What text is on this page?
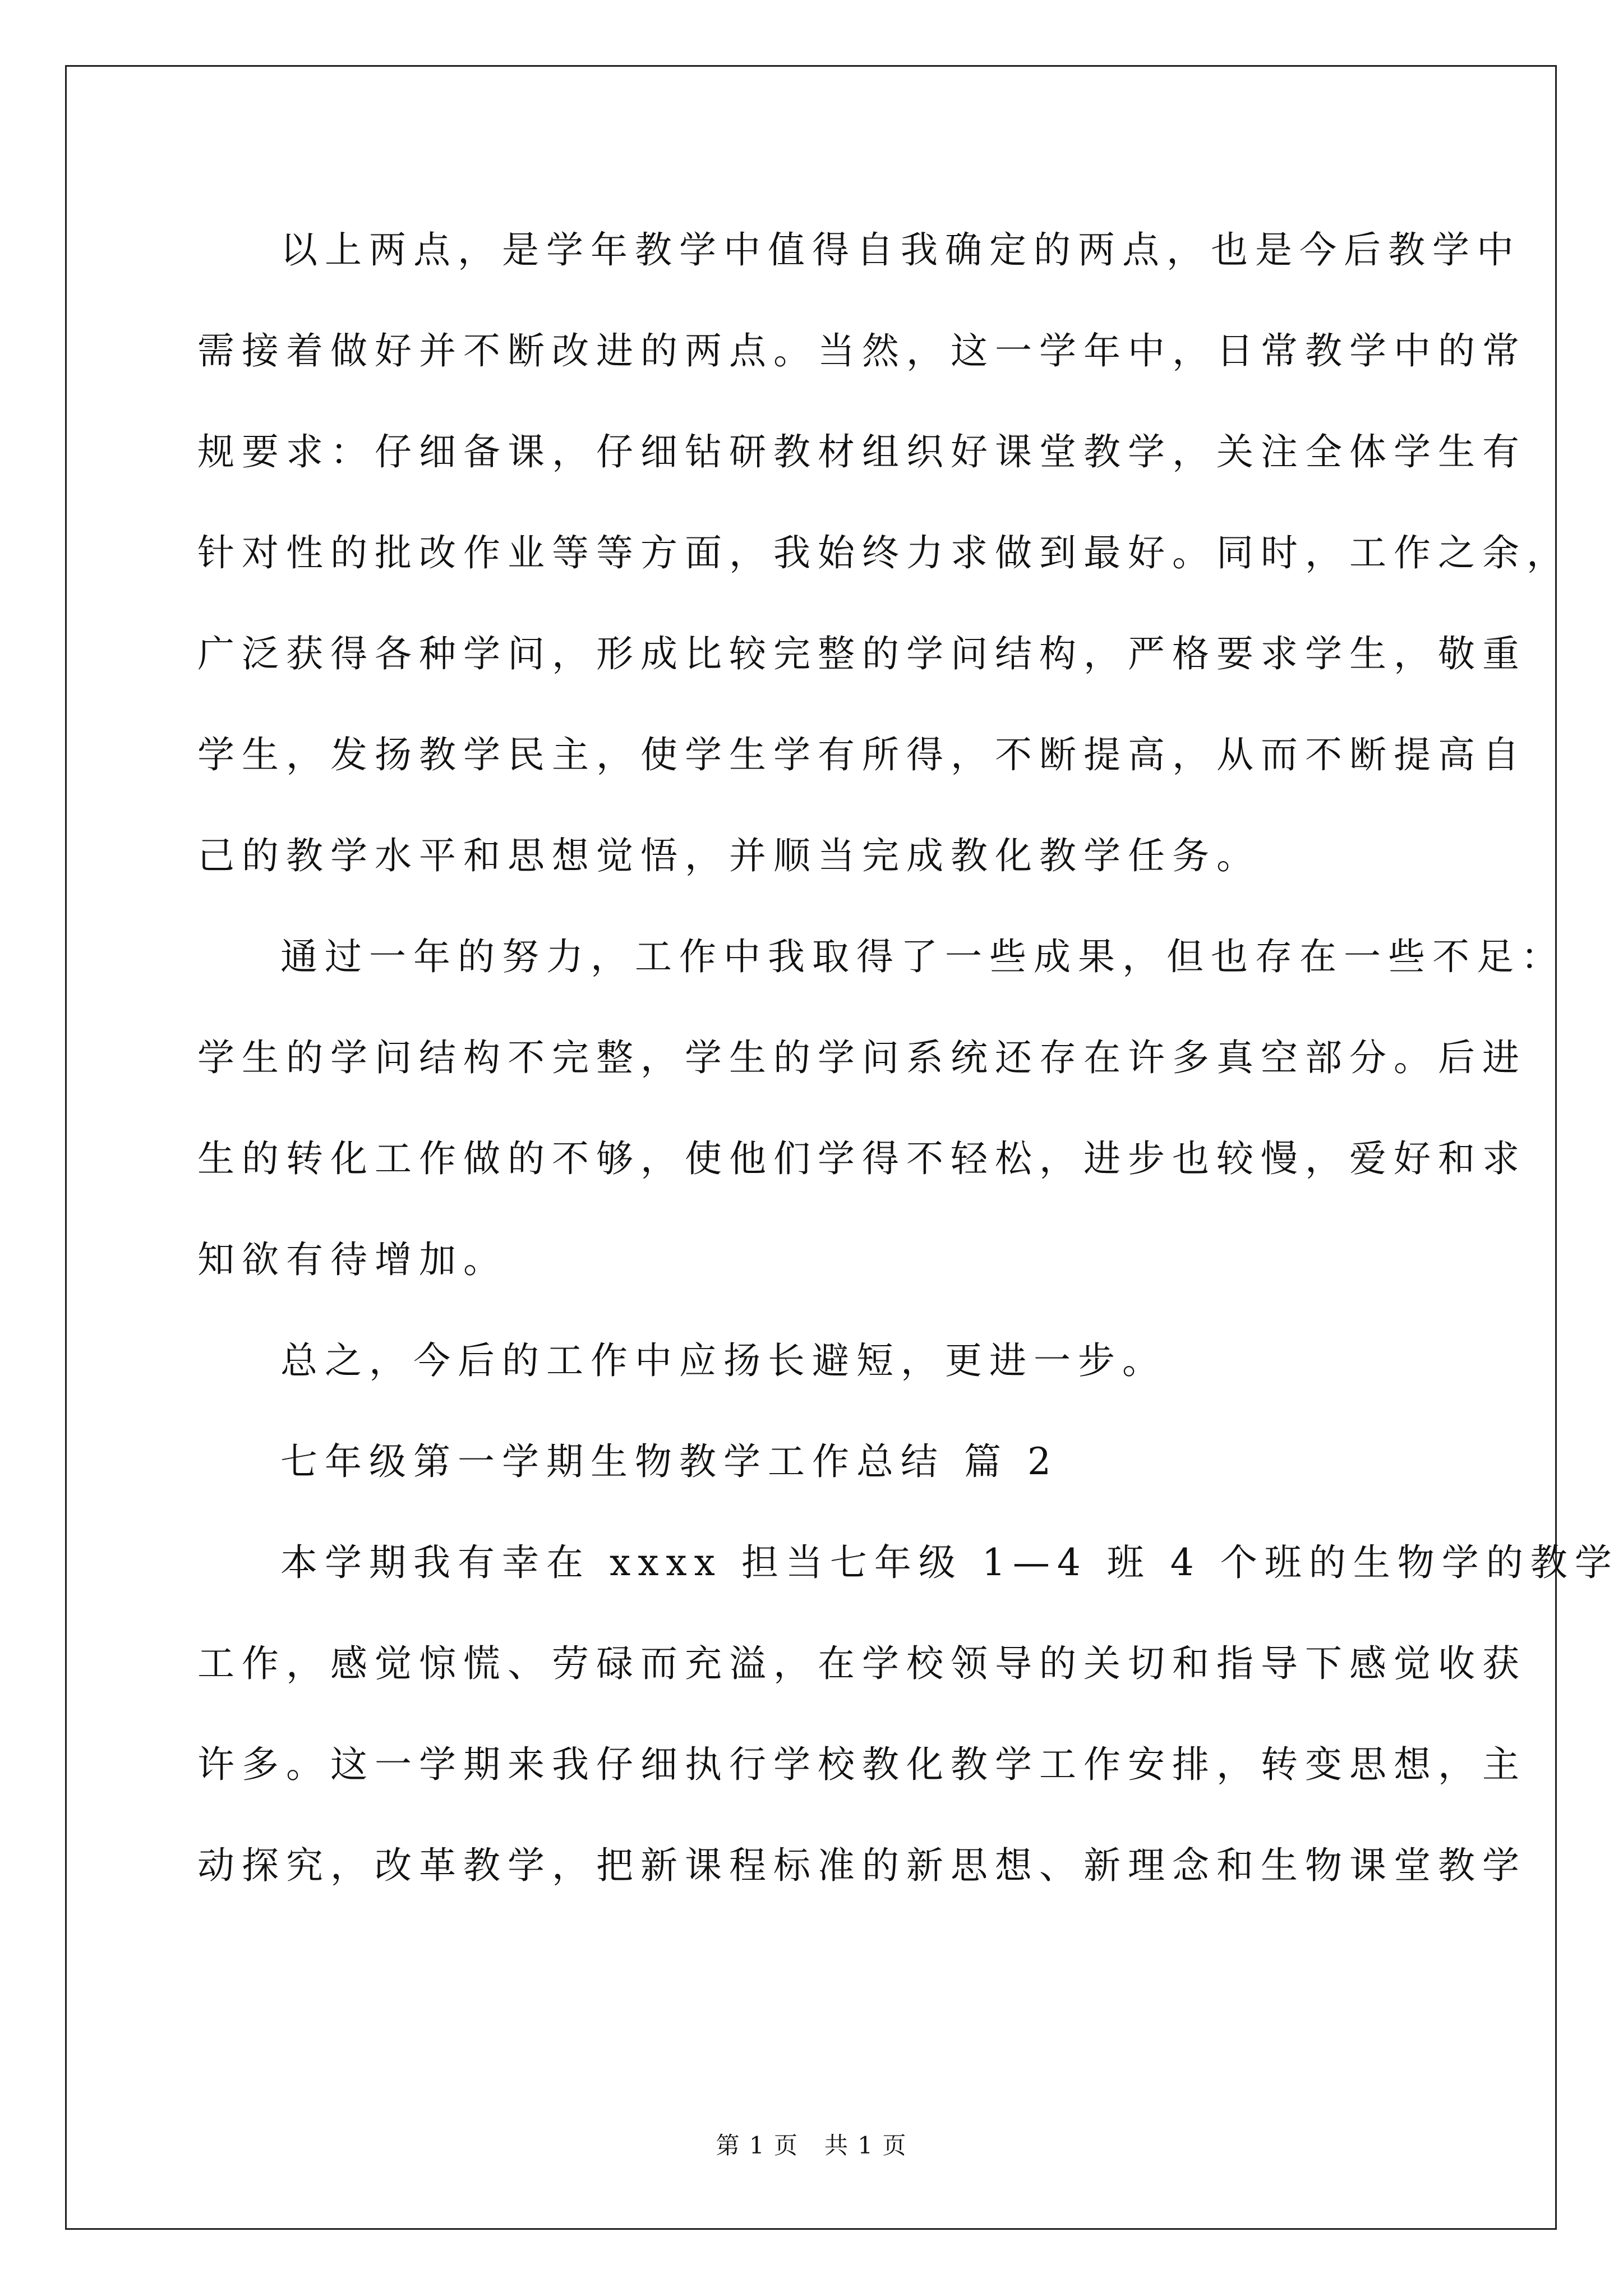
以上两点，是学年教学中值得自我确定的两点，也是今后教学中
需接着做好并不断改进的两点。当然，这一学年中，日常教学中的常
规要求：仔细备课，仔细钻研教材组织好课堂教学，关注全体学生有
针对性的批改作业等等方面，我始终力求做到最好。同时，工作之余，
广泛获得各种学问，形成比较完整的学问结构，严格要求学生，敬重
学生，发扬教学民主，使学生学有所得，不断提高，从而不断提高自
己的教学水平和思想觉悟，并顺当完成教化教学任务。
通过一年的努力，工作中我取得了一些成果，但也存在一些不足：
学生的学问结构不完整，学生的学问系统还存在许多真空部分。后进
生的转化工作做的不够，使他们学得不轻松，进步也较慢，爱好和求
知欲有待增加。
总之，今后的工作中应扬长避短，更进一步。
七年级第一学期生物教学工作总结 篇 2
本学期我有幸在 xxxx 担当七年级 1—4 班 4 个班的生物学的教学
工作，感觉惊慌、劳碌而充溢，在学校领导的关切和指导下感觉收获
许多。这一学期来我仔细执行学校教化教学工作安排，转变思想，主
动探究，改革教学，把新课程标准的新思想、新理念和生物课堂教学
第 1 页   共 1 页
